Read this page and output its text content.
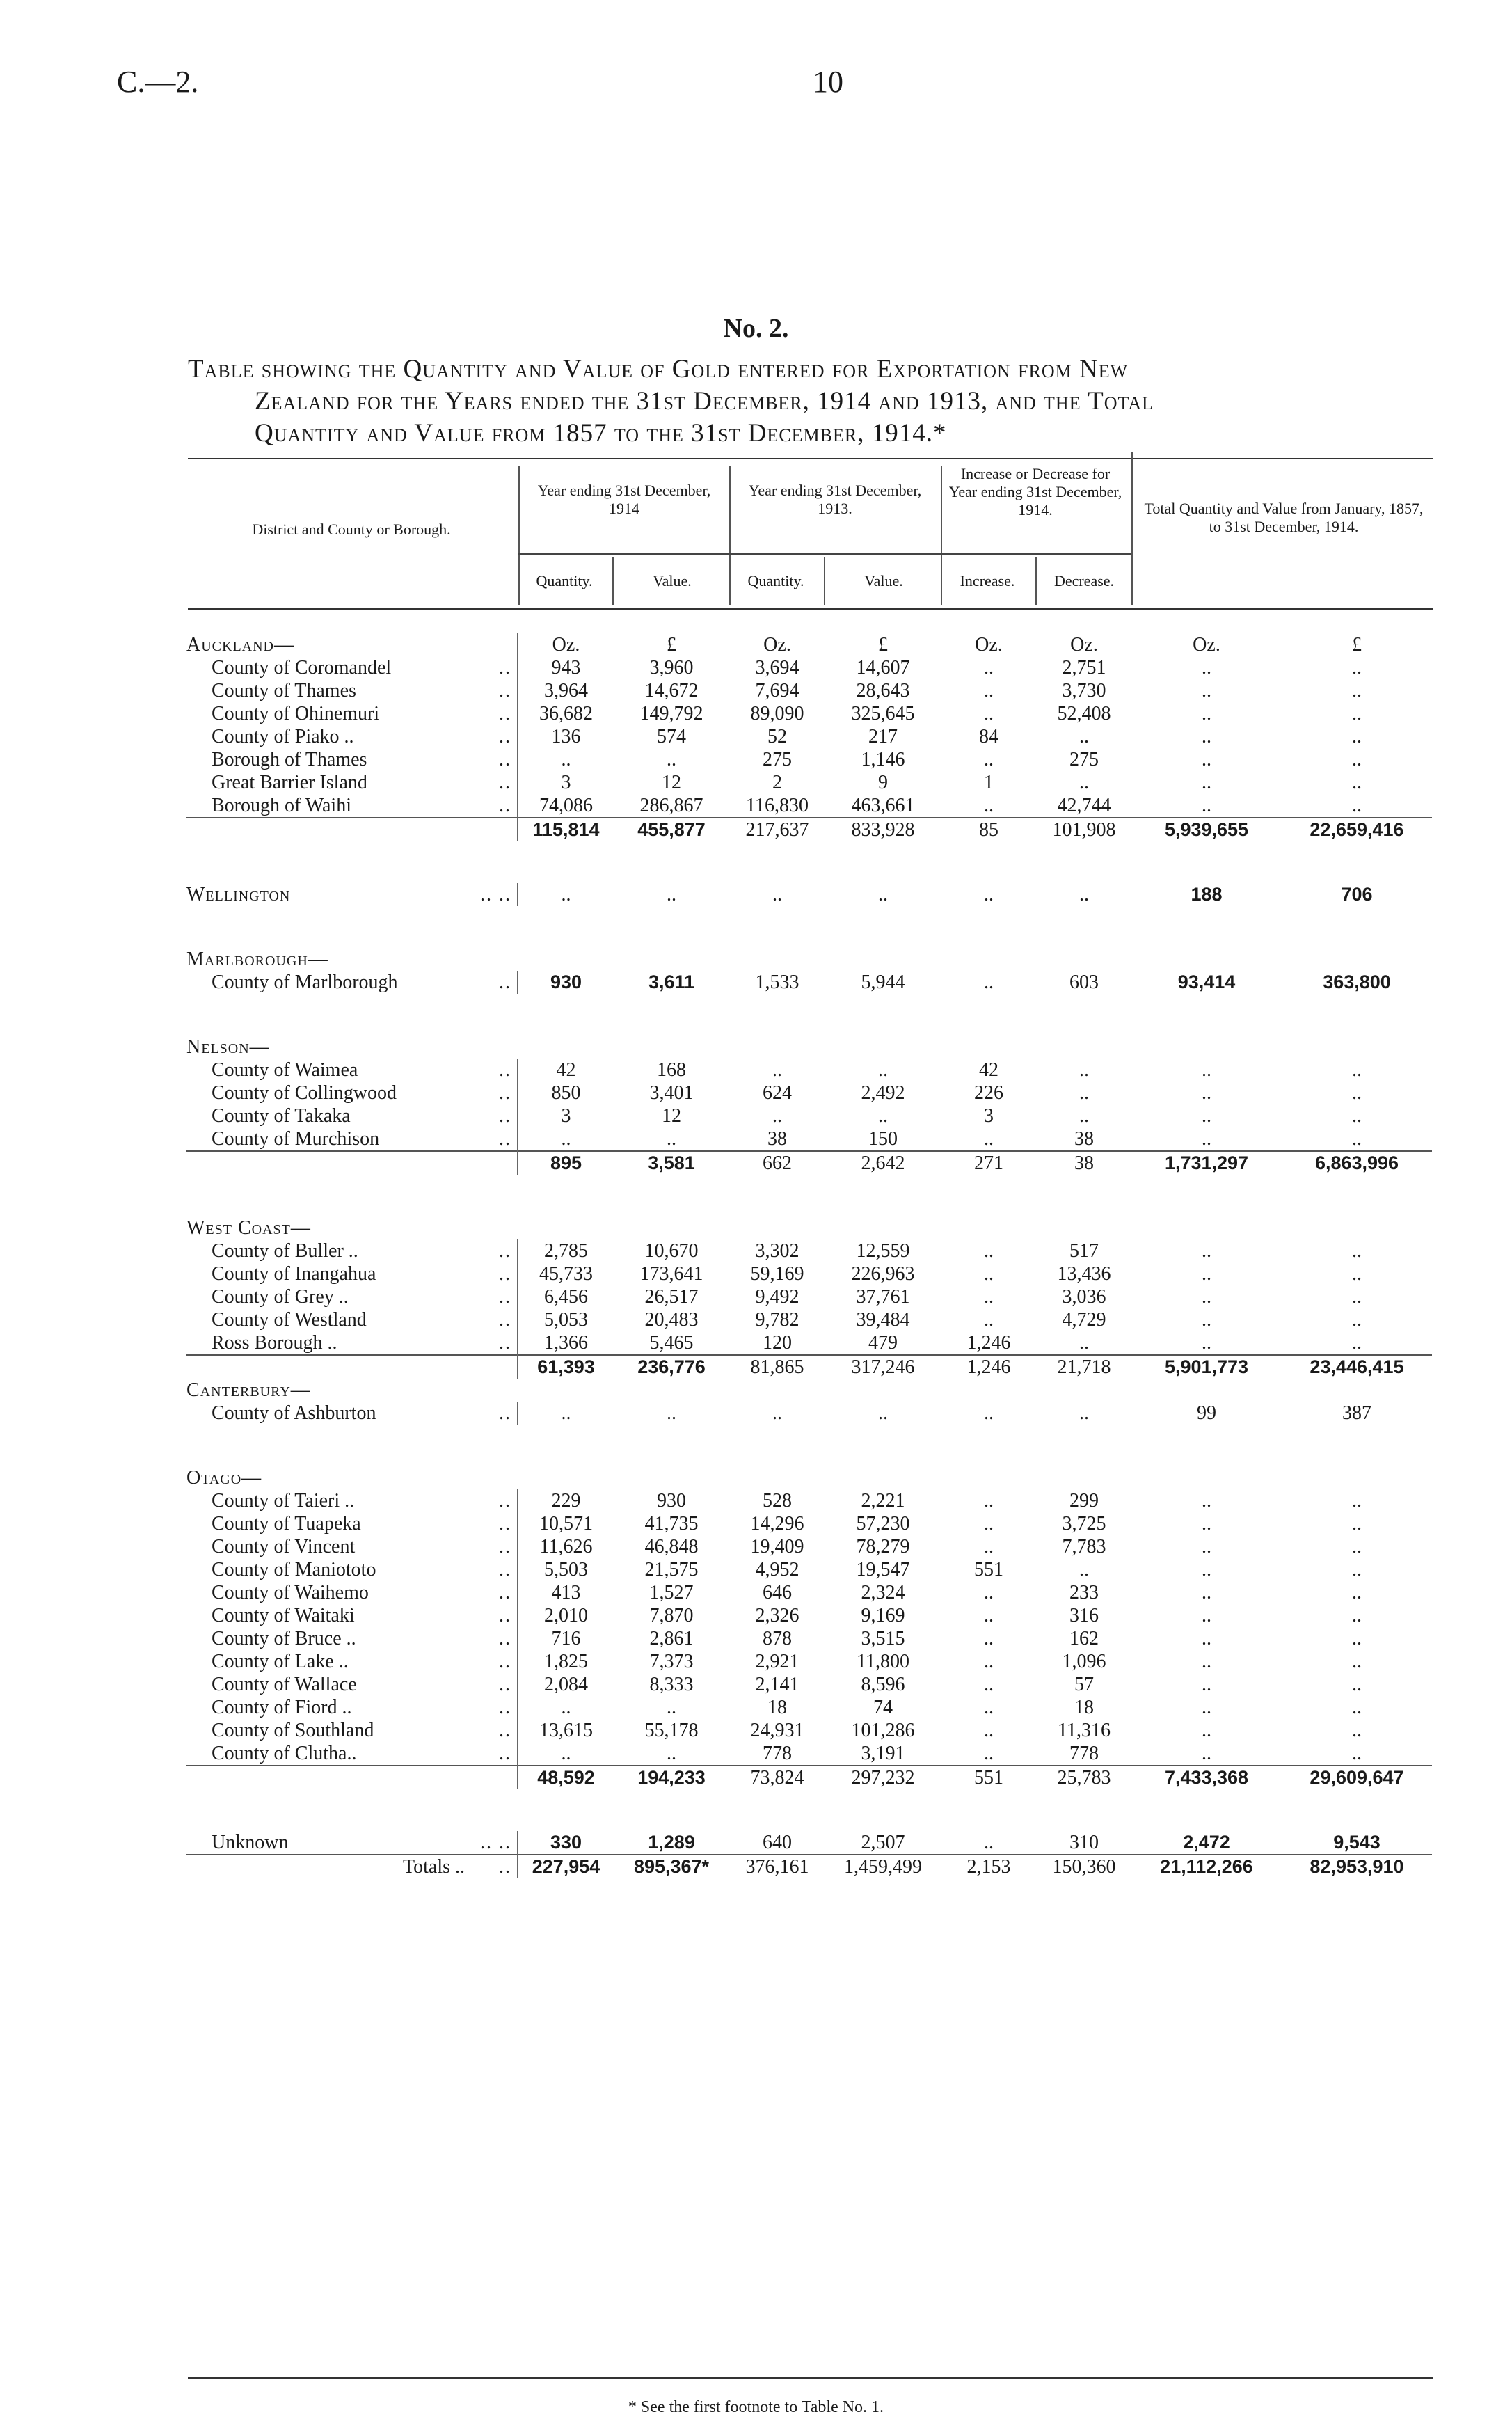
C.—2.	10
No. 2.
Table showing the Quantity and Value of Gold entered for Exportation from New
Zealand for the Years ended the 31st December, 1914 and 1913, and the Total
Quantity and Value from 1857 to the 31st December, 1914.*
District and County or Borough.
Year ending 31st December, 1914
Year ending 31st December, 1913.
Increase or Decrease for Year ending 31st December, 1914.	Total Quantity and Value from January, 1857, to 31st December, 1914.
Quantity.	Value.	Quantity.	Value.	Increase.	Decrease.
Auckland—		Oz.	£	Oz.	£	Oz.	Oz.	Oz.	£
County of Coromandel	..	943	3,960	3,694	14,607	..	2,751	..	..
County of Thames	..	3,964	14,672	7,694	28,643	..	3,730	..	..
County of Ohinemuri	..	36,682	149,792	89,090	325,645	..	52,408	..	..
County of Piako ..	..	136	574	52	217	84	..	..	..
Borough of Thames	..	..	..	275	1,146	..	275	..	..
Great Barrier Island	..	3	12	2	9	1	..	..	..
Borough of Waihi	..	74,086	286,867	116,830	463,661	..	42,744	..	..
		115,814	455,877	217,637	833,928	85	101,908	5,939,655	22,659,416

Wellington	.. ..	..	..	..	..	..	..	188	706

Marlborough—									
County of Marlborough	..	930	3,611	1,533	5,944	..	603	93,414	363,800

Nelson—									
County of Waimea	..	42	168	..	..	42	..	..	..
County of Collingwood	..	850	3,401	624	2,492	226	..	..	..
County of Takaka	..	3	12	..	..	3	..	..	..
County of Murchison	..	..	..	38	150	..	38	..	..
		895	3,581	662	2,642	271	38	1,731,297	6,863,996

West Coast—									
County of Buller ..	..	2,785	10,670	3,302	12,559	..	517	..	..
County of Inangahua	..	45,733	173,641	59,169	226,963	..	13,436	..	..
County of Grey ..	..	6,456	26,517	9,492	37,761	..	3,036	..	..
County of Westland	..	5,053	20,483	9,782	39,484	..	4,729	..	..
Ross Borough ..	..	1,366	5,465	120	479	1,246	..	..	..
		61,393	236,776	81,865	317,246	1,246	21,718	5,901,773	23,446,415
Canterbury—									
County of Ashburton	..	..	..	..	..	..	..	99	387

Otago—									
County of Taieri ..	..	229	930	528	2,221	..	299	..	..
County of Tuapeka	..	10,571	41,735	14,296	57,230	..	3,725	..	..
County of Vincent	..	11,626	46,848	19,409	78,279	..	7,783	..	..
County of Maniototo	..	5,503	21,575	4,952	19,547	551	..	..	..
County of Waihemo	..	413	1,527	646	2,324	..	233	..	..
County of Waitaki	..	2,010	7,870	2,326	9,169	..	316	..	..
County of Bruce ..	..	716	2,861	878	3,515	..	162	..	..
County of Lake ..	..	1,825	7,373	2,921	11,800	..	1,096	..	..
County of Wallace	..	2,084	8,333	2,141	8,596	..	57	..	..
County of Fiord ..	..	..	..	18	74	..	18	..	..
County of Southland	..	13,615	55,178	24,931	101,286	..	11,316	..	..
County of Clutha..	..	..	..	778	3,191	..	778	..	..
		48,592	194,233	73,824	297,232	551	25,783	7,433,368	29,609,647

Unknown	.. ..	330	1,289	640	2,507	..	310	2,472	9,543
Totals ..	..	227,954	895,367*	376,161	1,459,499	2,153	150,360	21,112,266	82,953,910
* See the first footnote to Table No. 1.
